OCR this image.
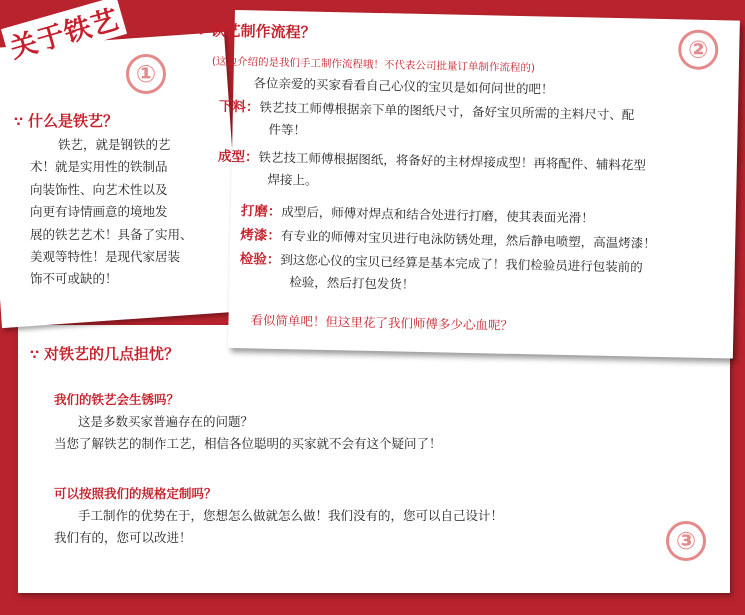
∵ 对铁艺的几点担忧？
我们的铁艺会生锈吗？
这是多数买家普遍存在的问题？
当您了解铁艺的制作工艺，相信各位聪明的买家就不会有这个疑问了！
可以按照我们的规格定制吗？
手工制作的优势在于，您想怎么做就怎么做！我们没有的，您可以自己设计！
我们有的，您可以改进！	③
关于铁艺
①
∵ 什么是铁艺？
铁艺，就是钢铁的艺
术！就是实用性的铁制品
向装饰性、向艺术性以及
向更有诗情画意的境地发
展的铁艺艺术！具备了实用、
美观等特性！是现代家居装
饰不可或缺的！
∵ 铁艺制作流程？
②
(这边介绍的是我们手工制作流程哦！不代表公司批量订单制作流程的)
各位亲爱的买家看看自己心仪的宝贝是如何问世的吧！
下料：铁艺技工师傅根据亲下单的图纸尺寸，备好宝贝所需的主料尺寸、配
件等！
成型：铁艺技工师傅根据图纸，将备好的主材焊接成型！再将配件、辅料花型
焊接上。
打磨：成型后，师傅对焊点和结合处进行打磨，使其表面光滑！
烤漆：有专业的师傅对宝贝进行电泳防锈处理，然后静电喷塑，高温烤漆！
检验：到这您心仪的宝贝已经算是基本完成了！我们检验员进行包装前的
检验，然后打包发货！
看似简单吧！但这里花了我们师傅多少心血呢？
